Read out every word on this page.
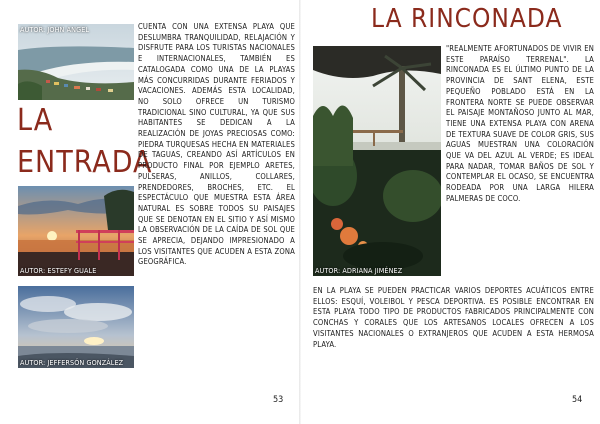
AUTOR: JOHN ANGEL
LA
ENTRADA
AUTOR: ESTEFY GUALE
AUTOR: JEFFERSÓN GONZÁLEZ

CUENTA CON UNA EXTENSA PLAYA QUE DESLUMBRA TRANQUILIDAD, RELAJACIÓN Y DISFRUTE PARA LOS TURISTAS NACIONALES E INTERNACIONALES, TAMBIÉN ES CATALOGADA COMO UNA DE LA PLAYAS MÁS CONCURRIDAS DURANTE FERIADOS Y VACACIONES. ADEMÁS ESTA LOCALIDAD, NO SOLO OFRECE UN TURISMO TRADICIONAL SINO CULTURAL, YA QUE SUS HABITANTES SE DEDICAN A LA REALIZACIÓN DE JOYAS PRECIOSAS COMO: PIEDRA TURQUESAS HECHA EN MATERIALES DE TAGUAS, CREANDO ASÍ ARTÍCULOS EN PRODUCTO FINAL POR EJEMPLO ARETES, PULSERAS, ANILLOS, COLLARES, PRENDEDORES, BROCHES, ETC. EL ESPECTÁCULO QUE MUESTRA ESTA ÁREA NATURAL ES SOBRE TODOS SU PAISAJES QUE SE DENOTAN EN EL SITIO Y ASÍ MISMO LA OBSERVACIÓN DE LA CAÍDA DE SOL QUE SE APRECIA, DEJANDO IMPRESIONADO A LOS VISITANTES QUE ACUDEN A ESTA ZONA GEOGRÁFICA.

53
LA RINCONADA
AUTOR: ADRIANA JIMÉNEZ

"REALMENTE AFORTUNADOS DE VIVIR EN ESTE PARAÍSO TERRENAL". LA RINCONADA ES EL ÚLTIMO PUNTO DE LA PROVINCIA DE SANT ELENA, ESTE PEQUEÑO POBLADO ESTÁ EN LA FRONTERA NORTE SE PUEDE OBSERVAR EL PAISAJE MONTAÑOSO JUNTO AL MAR, TIENE UNA EXTENSA PLAYA CON ARENA DE TEXTURA SUAVE DE COLOR GRIS, SUS AGUAS MUESTRAN UNA COLORACIÓN QUE VA DEL AZUL AL VERDE; ES IDEAL PARA NADAR, TOMAR BAÑOS DE SOL Y CONTEMPLAR EL OCASO, SE ENCUENTRA RODEADA POR UNA LARGA HILERA PALMERAS DE COCO.

EN LA PLAYA SE PUEDEN PRACTICAR VARIOS DEPORTES ACUÁTICOS ENTRE ELLOS: ESQUÍ, VOLEIBOL Y PESCA DEPORTIVA. ES POSIBLE ENCONTRAR EN ESTA PLAYA TODO TIPO DE PRODUCTOS FABRICADOS PRINCIPALMENTE CON CONCHAS Y CORALES QUE LOS ARTESANOS LOCALES OFRECEN A LOS VISITANTES NACIONALES O EXTRANJEROS QUE ACUDEN A ESTA HERMOSA PLAYA.

54
